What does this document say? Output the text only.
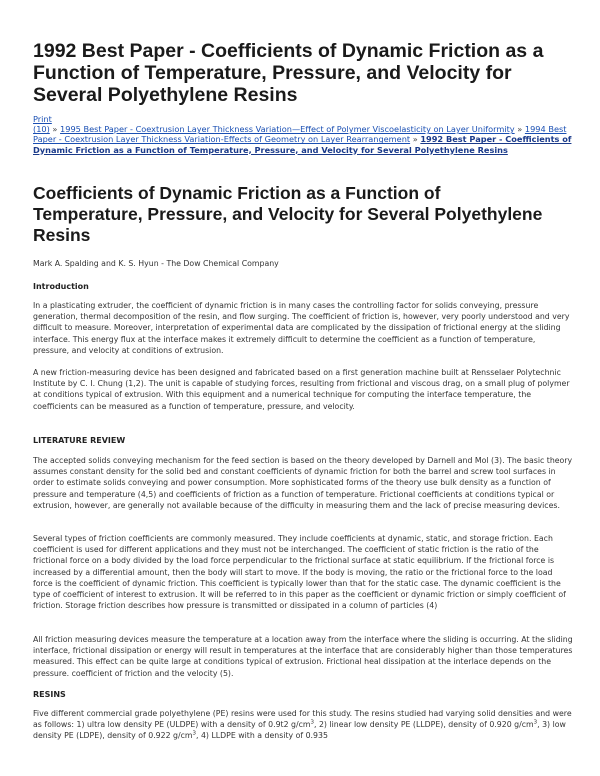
1992 Best Paper - Coefficients of Dynamic Friction as a Function of Temperature, Pressure, and Velocity for Several Polyethylene Resins
Print
(10) » 1995 Best Paper - Coextrusion Layer Thickness Variation—Effect of Polymer Viscoelasticity on Layer Uniformity » 1994 Best Paper - Coextrusion Layer Thickness Variation-Effects of Geometry on Layer Rearrangement » 1992 Best Paper - Coefficients of Dynamic Friction as a Function of Temperature, Pressure, and Velocity for Several Polyethylene Resins
Coefficients of Dynamic Friction as a Function of Temperature, Pressure, and Velocity for Several Polyethylene Resins

Mark A. Spalding and K. S. Hyun - The Dow Chemical Company

Introduction

In a plasticating extruder, the coefficient of dynamic friction is in many cases the controlling factor for solids conveying, pressure generation, thermal decomposition of the resin, and flow surging. The coefficient of friction is, however, very poorly understood and very difficult to measure. Moreover, interpretation of experimental data are complicated by the dissipation of frictional energy at the sliding interface. This energy flux at the interface makes it extremely difficult to determine the coefficient as a function of temperature, pressure, and velocity at conditions of extrusion.

A new friction-measuring device has been designed and fabricated based on a first generation machine built at Rensselaer Polytechnic Institute by C. I. Chung (1,2). The unit is capable of studying forces, resulting from frictional and viscous drag, on a small plug of polymer at conditions typical of extrusion. With this equipment and a numerical technique for computing the interface temperature, the coefficients can be measured as a function of temperature, pressure, and velocity.

LITERATURE REVIEW

The accepted solids conveying mechanism for the feed section is based on the theory developed by Darnell and Mol (3). The basic theory assumes constant density for the solid bed and constant coefficients of dynamic friction for both the barrel and screw tool surfaces in order to estimate solids conveying and power consumption. More sophisticated forms of the theory use bulk density as a function of pressure and temperature (4,5) and coefficients of friction as a function of temperature. Frictional coefficients at conditions typical or extrusion, however, are generally not available because of the difficulty in measuring them and the lack of precise measuring devices.

Several types of friction coefficients are commonly measured. They include coefficients at dynamic, static, and storage friction. Each coefficient is used for different applications and they must not be interchanged. The coefficient of static friction is the ratio of the frictional force on a body divided by the load force perpendicular to the frictional surface at static equilibrium. If the frictional force is increased by a differential amount, then the body will start to move. If the body is moving, the ratio or the frictional force to the load force is the coefficient of dynamic friction. This coefficient is typically lower than that for the static case. The dynamic coefficient is the type of coefficient of interest to extrusion. It will be referred to in this paper as the coefficient or dynamic friction or simply coefficient of friction. Storage friction describes how pressure is transmitted or dissipated in a column of particles (4)

All friction measuring devices measure the temperature at a location away from the interface where the sliding is occurring. At the sliding interface, frictional dissipation or energy will result in temperatures at the interface that are considerably higher than those temperatures measured. This effect can be quite large at conditions typical of extrusion. Frictional heal dissipation at the interlace depends on the pressure. coefficient of friction and the velocity (5).

RESINS

Five different commercial grade polyethylene (PE) resins were used for this study. The resins studied had varying solid densities and were as follows: 1) ultra low density PE (ULDPE) with a density of 0.9t2 $g/cm^3$, 2) linear low density PE (LLDPE), density of 0.920 $g/cm^3$, 3) low density PE (LDPE), density of 0.922 $g/cm^3$, 4) LLDPE with a density of 0.935
